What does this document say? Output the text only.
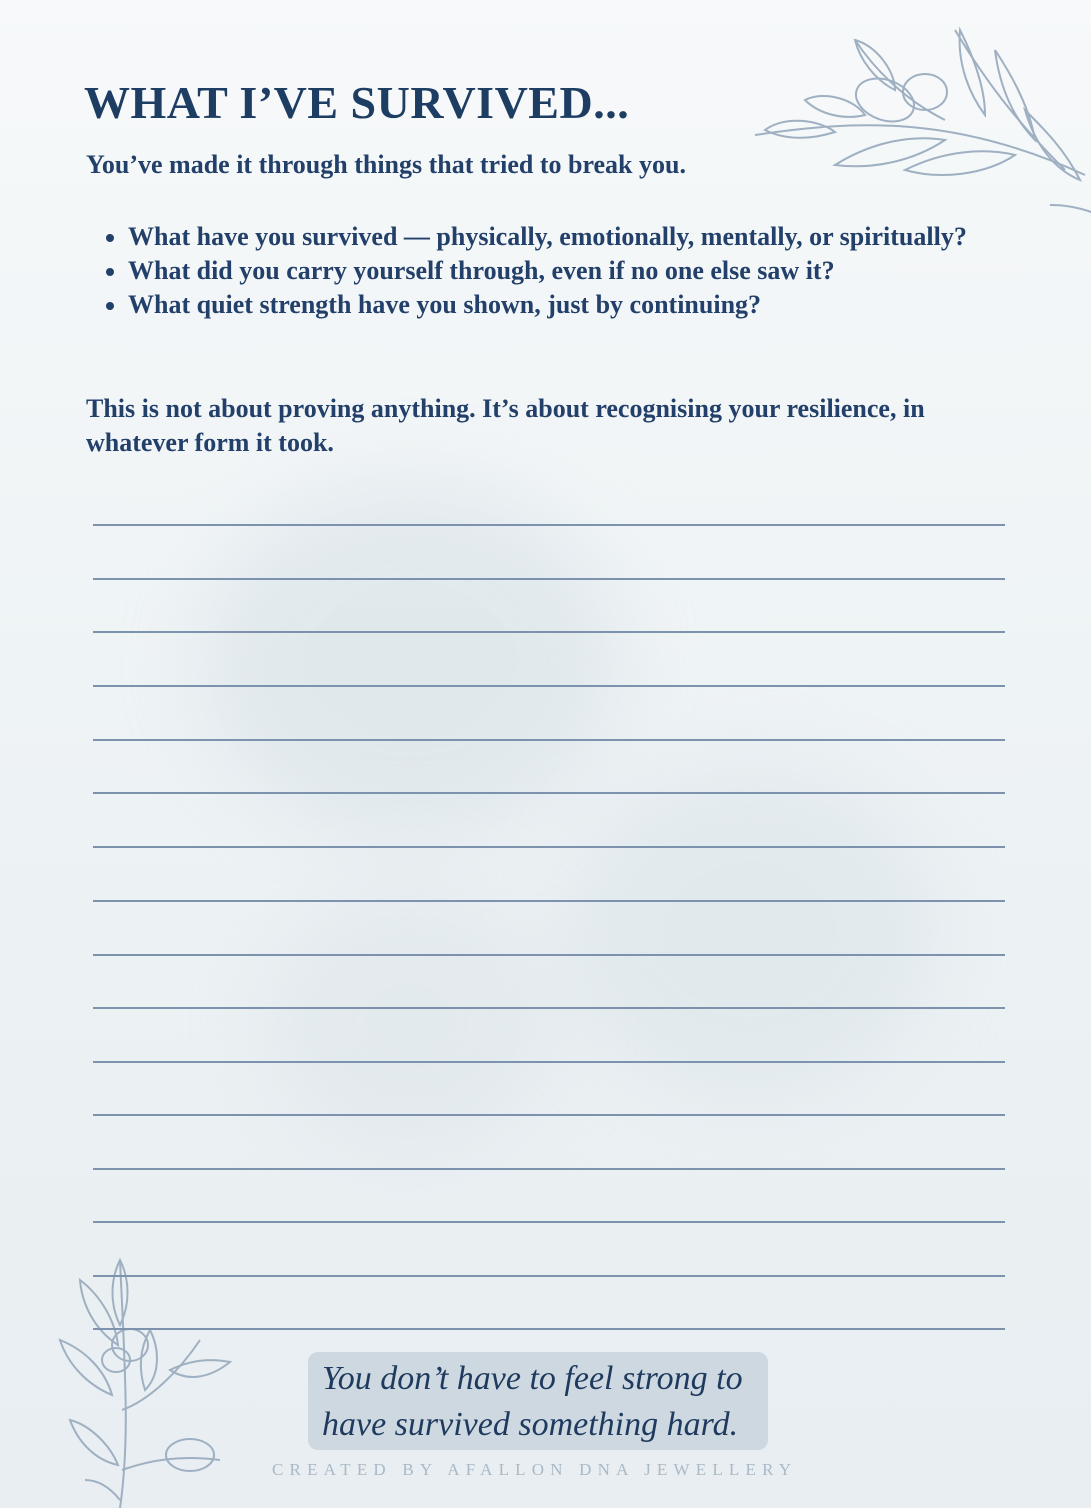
WHAT I’VE SURVIVED...
You’ve made it through things that tried to break you.
• What have you survived — physically, emotionally, mentally, or spiritually?
• What did you carry yourself through, even if no one else saw it?
• What quiet strength have you shown, just by continuing?
This is not about proving anything. It’s about recognising your resilience, in whatever form it took.
You don’t have to feel strong to
have survived something hard.
CREATED BY AFALLON DNA JEWELLERY
